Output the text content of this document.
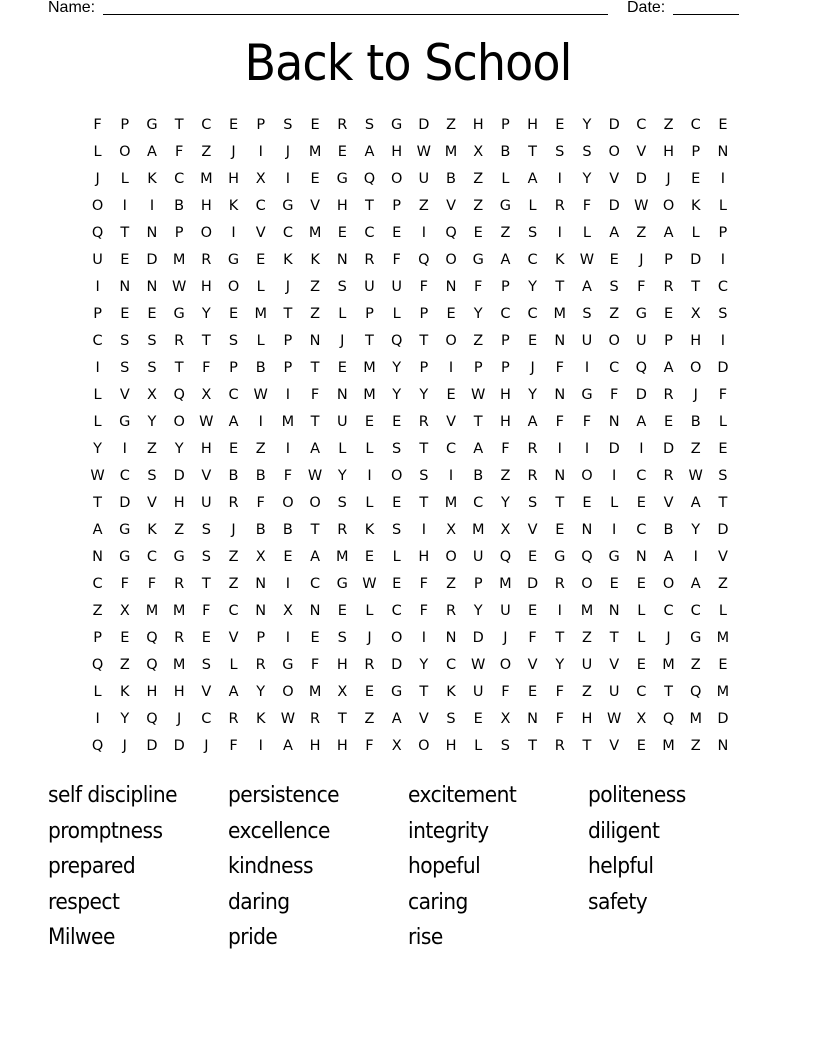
Name:	Date:
Back to School
F	P	G	T	C	E	P	S	E	R	S	G	D	Z	H	P	H	E	Y	D	C	Z	C	E
L	O	A	F	Z	J	I	J	M	E	A	H	W M	X	B	T	S	S	O	V	H	P	N
J	L	K	C	M	H	X	I	E	G	Q	O	U	B	Z	L	A	I	Y	V	D	J	E	I
O	I	I	B	H	K	C	G	V	H	T	P	Z	V	Z	G	L	R	F	D W O	K	L
Q	T	N	P	O	I	V	C	M	E	C	E	I	Q	E	Z	S	I	L	A	Z	A	L	P
U	E	D	M	R	G	E	K	K	N	R	F	Q	O	G	A	C	K	W	E	J	P	D	I
I	N	N	W	H	O	L	J	Z	S	U	U	F	N	F	P	Y	T	A	S	F	R	T	C
P	E	E	G	Y	E	M	T	Z	L	P	L	P	E	Y	C	C	M	S	Z	G	E	X	S
C	S	S	R	T	S	L	P	N	J	T	Q	T	O	Z	P	E	N	U	O	U	P	H	I
I	S	S	T	F	P	B	P	T	E	M	Y	P	I	P	P	J	F	I	C	Q	A	O	D
L	V	X	Q	X	C	W	I	F	N	M	Y	Y	E	W	H	Y	N	G	F	D	R	J	F
L	G	Y	O W	A	I	M	T	U	E	E	R	V	T	H	A	F	F	N	A	E	B	L
Y	I	Z	Y	H	E	Z	I	A	L	L	S	T	C	A	F	R	I	I	D	I	D	Z	E
W	C	S	D	V	B	B	F	W	Y	I	O	S	I	B	Z	R	N	O	I	C	R	W	S
T	D	V	H	U	R	F	O	O	S	L	E	T	M	C	Y	S	T	E	L	E	V	A	T
A	G	K	Z	S	J	B	B	T	R	K	S	I	X	M	X	V	E	N	I	C	B	Y	D
N	G	C	G	S	Z	X	E	A	M	E	L	H	O	U	Q	E	G	Q	G	N	A	I	V
C	F	F	R	T	Z	N	I	C	G W	E	F	Z	P	M	D	R	O	E	E	O	A	Z
Z	X	M	M	F	C	N	X	N	E	L	C	F	R	Y	U	E	I	M	N	L	C	C	L
P	E	Q	R	E	V	P	I	E	S	J	O	I	N	D	J	F	T	Z	T	L	J	G	M
Q	Z	Q	M	S	L	R	G	F	H	R	D	Y	C	W O	V	Y	U	V	E	M	Z	E
L	K	H	H	V	A	Y	O	M	X	E	G	T	K	U	F	E	F	Z	U	C	T	Q	M
I	Y	Q	J	C	R	K	W	R	T	Z	A	V	S	E	X	N	F	H	W	X	Q	M	D
Q	J	D	D	J	F	I	A	H	H	F	X	O	H	L	S	T	R	T	V	E	M	Z	N
self discipline	persistence	excitement	politeness
promptness	excellence	integrity	diligent
prepared	kindness	hopeful	helpful
respect	daring	caring	safety
Milwee	pride	rise
